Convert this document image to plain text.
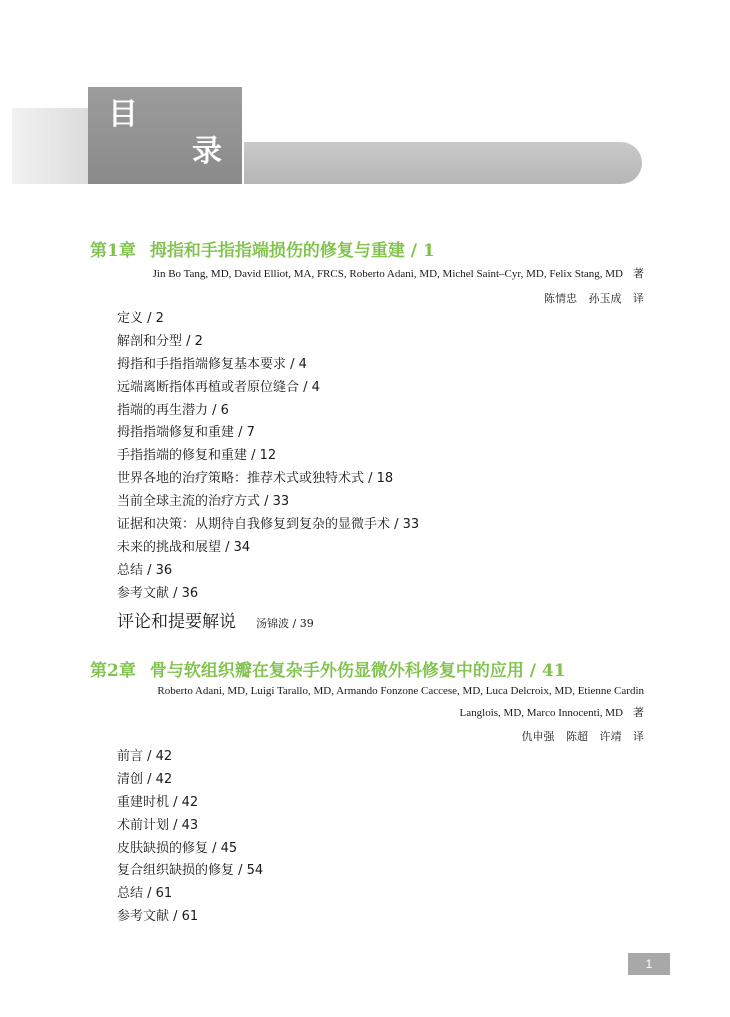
目
录
第1章 拇指和手指指端损伤的修复与重建 / 1
Jin Bo Tang, MD, David Elliot, MA, FRCS, Roberto Adani, MD, Michel Saint–Cyr, MD, Felix Stang, MD 著
陈情忠 孙玉成 译
定义 / 2
解剖和分型 / 2
拇指和手指指端修复基本要求 / 4
远端离断指体再植或者原位缝合 / 4
指端的再生潜力 / 6
拇指指端修复和重建 / 7
手指指端的修复和重建 / 12
世界各地的治疗策略：推荐术式或独特术式 / 18
当前全球主流的治疗方式 / 33
证据和决策：从期待自我修复到复杂的显微手术 / 33
未来的挑战和展望 / 34
总结 / 36
参考文献 / 36
评论和提要解说 汤锦波 / 39
第2章 骨与软组织瓣在复杂手外伤显微外科修复中的应用 / 41
Roberto Adani, MD, Luigi Tarallo, MD, Armando Fonzone Caccese, MD, Luca Delcroix, MD, Etienne Cardin
Langlois, MD, Marco Innocenti, MD 著
仇申强 陈超 许靖 译
前言 / 42
清创 / 42
重建时机 / 42
术前计划 / 43
皮肤缺损的修复 / 45
复合组织缺损的修复 / 54
总结 / 61
参考文献 / 61
1
